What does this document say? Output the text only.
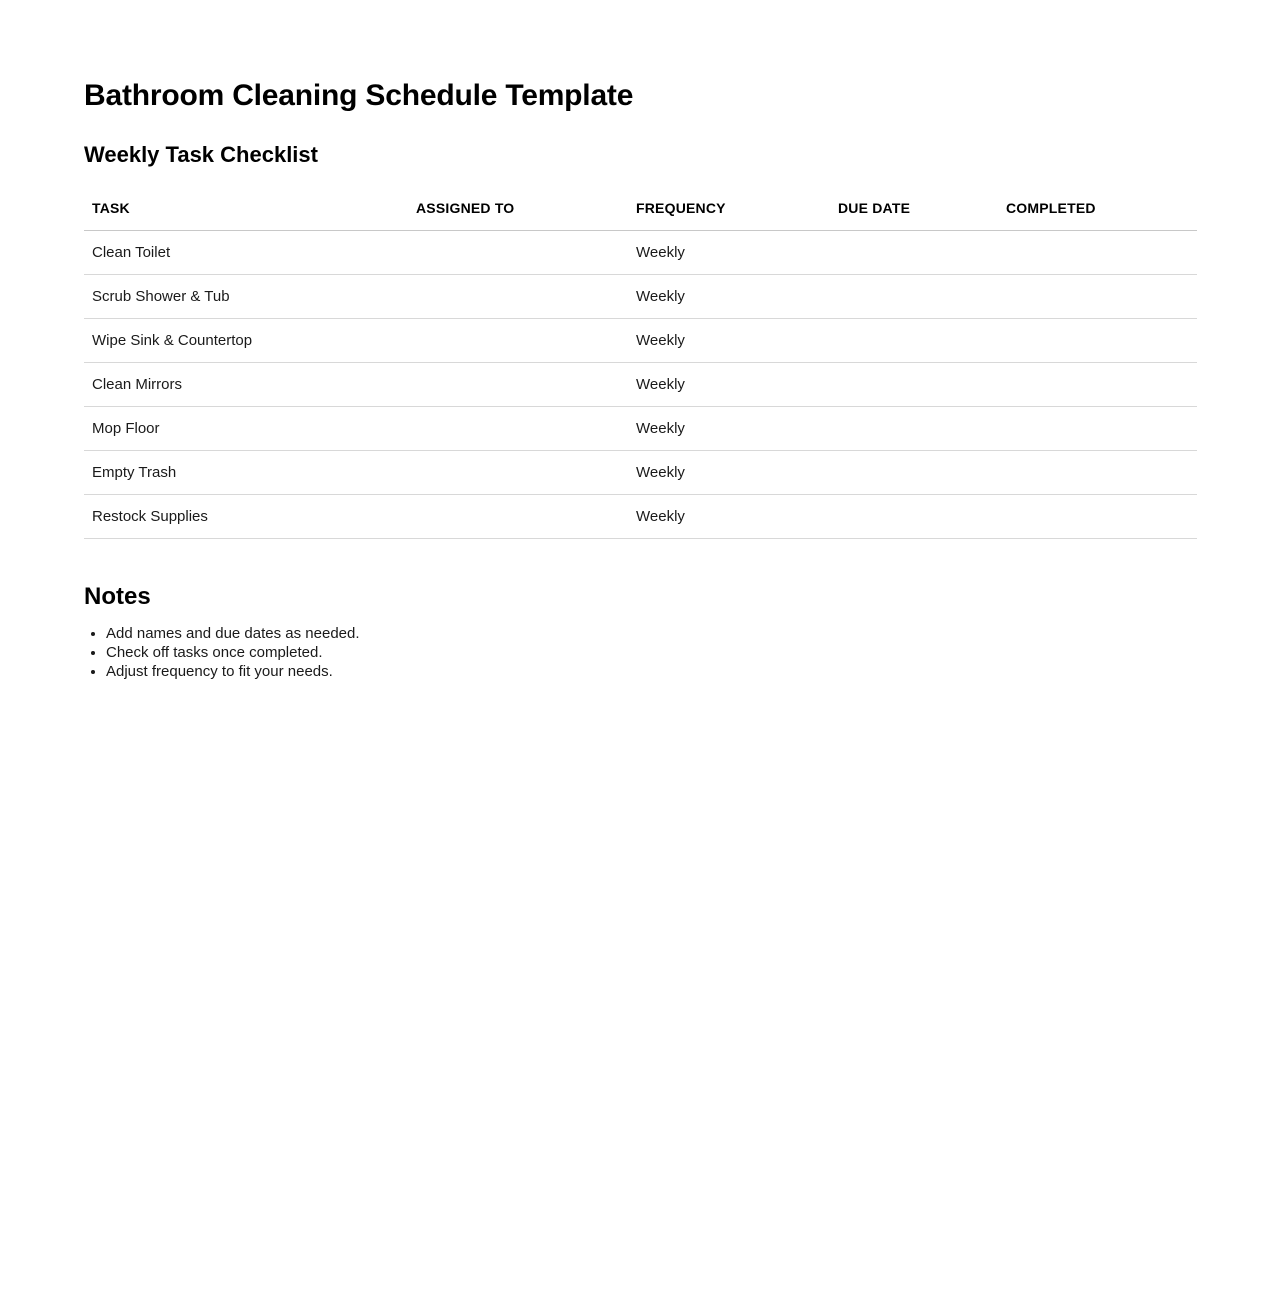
Bathroom Cleaning Schedule Template
Weekly Task Checklist
TASK	ASSIGNED TO	FREQUENCY	DUE DATE	COMPLETED
Clean Toilet		Weekly		
Scrub Shower & Tub		Weekly		
Wipe Sink & Countertop		Weekly		
Clean Mirrors		Weekly		
Mop Floor		Weekly		
Empty Trash		Weekly		
Restock Supplies		Weekly		
Notes
• Add names and due dates as needed.
• Check off tasks once completed.
• Adjust frequency to fit your needs.
